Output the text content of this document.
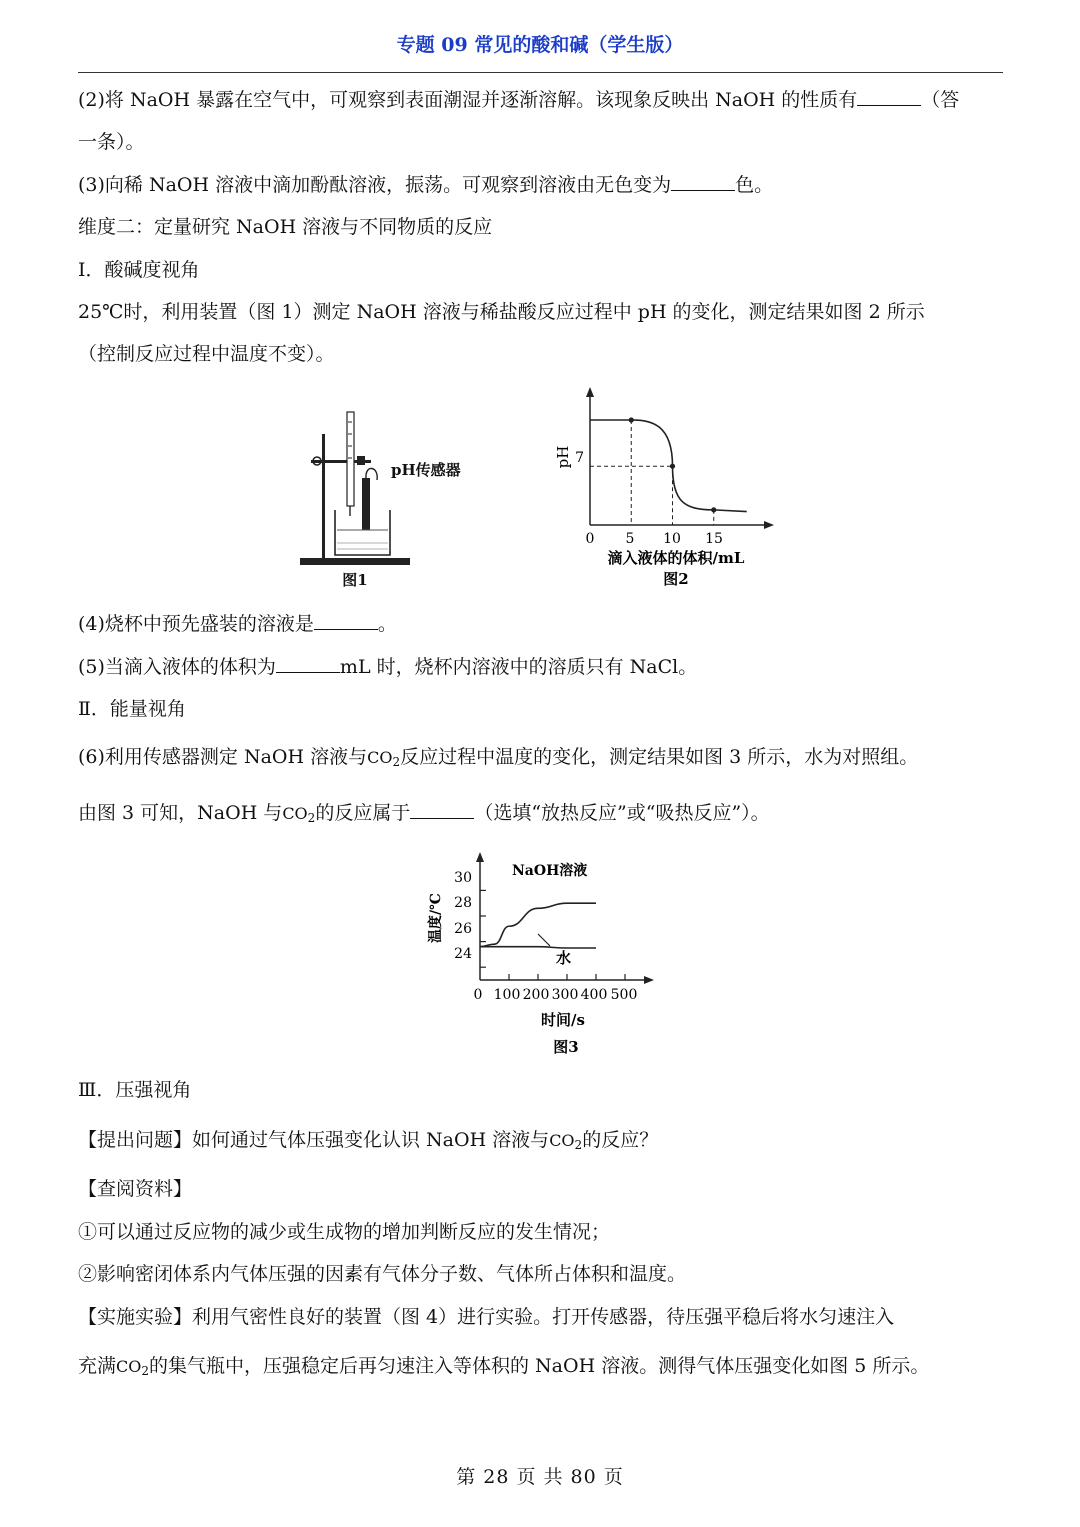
专题 09 常见的酸和碱（学生版）
(2)将 NaOH 暴露在空气中，可观察到表面潮湿并逐渐溶解。该现象反映出 NaOH 的性质有	（答
一条）。
(3)向稀 NaOH 溶液中滴加酚酞溶液，振荡。可观察到溶液由无色变为	色。
维度二：定量研究 NaOH 溶液与不同物质的反应
Ⅰ．酸碱度视角
25℃时，利用装置（图 1）测定 NaOH 溶液与稀盐酸反应过程中 pH 的变化，测定结果如图 2 所示
（控制反应过程中温度不变）。
pH传感器
图1
7
pH
0 5 10 15
滴入液体的体积/mL
图2
(4)烧杯中预先盛装的溶液是	。
(5)当滴入液体的体积为	mL 时，烧杯内溶液中的溶质只有 NaCl。
Ⅱ．能量视角
(6)利用传感器测定 NaOH 溶液与$CO_2$反应过程中温度的变化，测定结果如图 3 所示，水为对照组。
由图 3 可知，NaOH 与$CO_2$的反应属于	（选填“放热反应”或“吸热反应”）。
30
28
26
24
温度/℃
0 100 200 300 400 500
NaOH溶液
水
时间/s
图3
Ⅲ．压强视角
【提出问题】如何通过气体压强变化认识 NaOH 溶液与$CO_2$的反应？
【查阅资料】
①可以通过反应物的减少或生成物的增加判断反应的发生情况；
②影响密闭体系内气体压强的因素有气体分子数、气体所占体积和温度。
【实施实验】利用气密性良好的装置（图 4）进行实验。打开传感器，待压强平稳后将水匀速注入
充满$CO_2$的集气瓶中，压强稳定后再匀速注入等体积的 NaOH 溶液。测得气体压强变化如图 5 所示。
第 28 页 共 80 页
